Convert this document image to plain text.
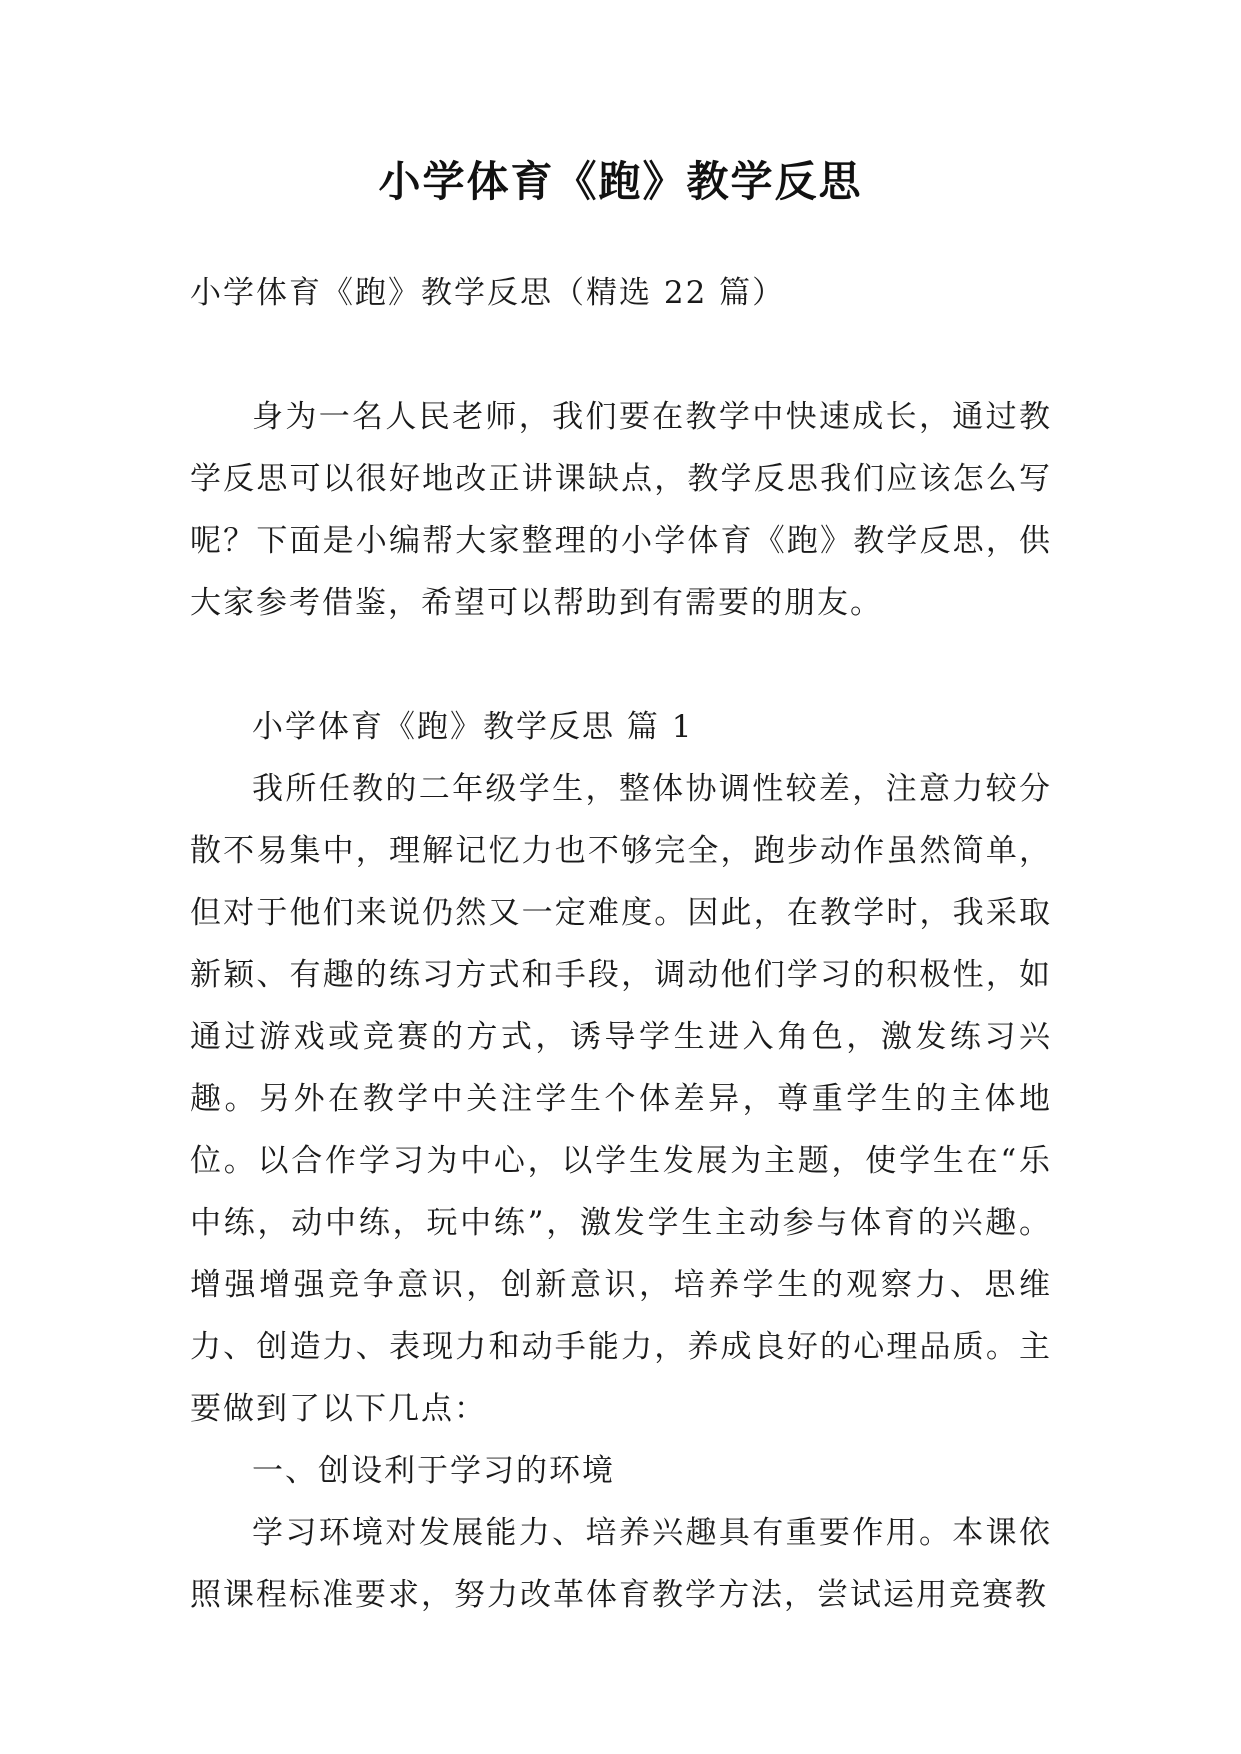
小学体育《跑》教学反思

小学体育《跑》教学反思（精选 22 篇）

身为一名人民老师，我们要在教学中快速成长，通过教学反思可以很好地改正讲课缺点，教学反思我们应该怎么写呢？下面是小编帮大家整理的小学体育《跑》教学反思，供大家参考借鉴，希望可以帮助到有需要的朋友。

小学体育《跑》教学反思 篇 1

我所任教的二年级学生，整体协调性较差，注意力较分散不易集中，理解记忆力也不够完全，跑步动作虽然简单，但对于他们来说仍然又一定难度。因此，在教学时，我采取新颖、有趣的练习方式和手段，调动他们学习的积极性，如通过游戏或竞赛的方式，诱导学生进入角色，激发练习兴趣。另外在教学中关注学生个体差异，尊重学生的主体地位。以合作学习为中心，以学生发展为主题，使学生在“乐中练，动中练，玩中练”，激发学生主动参与体育的兴趣。增强增强竞争意识，创新意识，培养学生的观察力、思维力、创造力、表现力和动手能力，养成良好的心理品质。主要做到了以下几点：

一、创设利于学习的环境

学习环境对发展能力、培养兴趣具有重要作用。本课依照课程标准要求，努力改革体育教学方法，尝试运用竞赛教
